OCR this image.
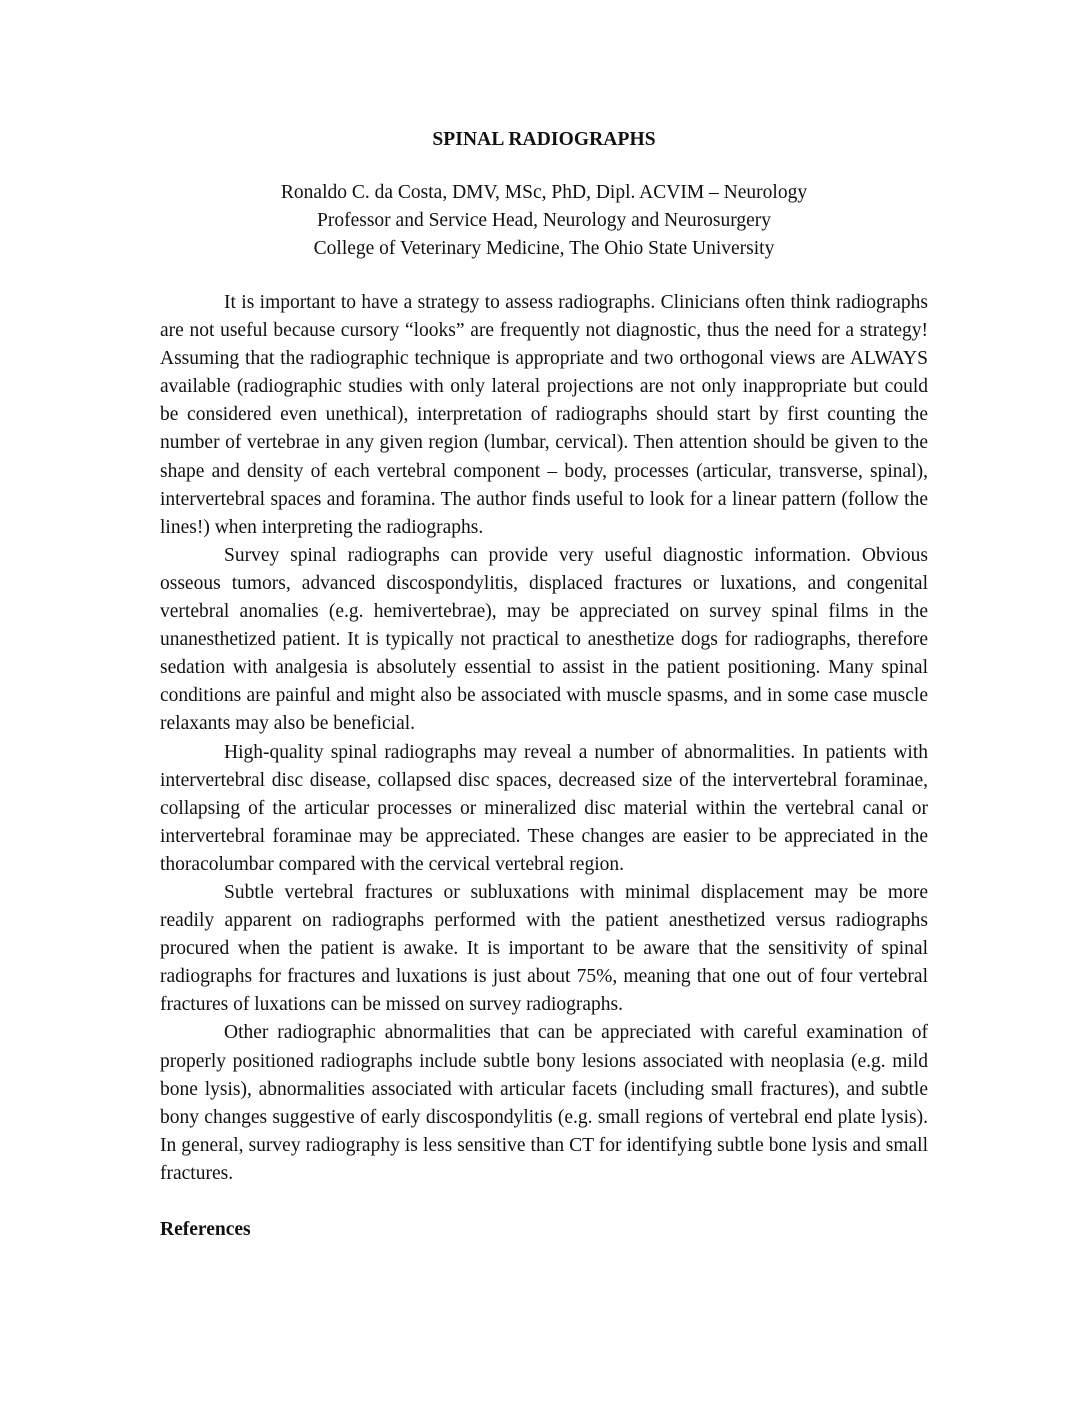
SPINAL RADIOGRAPHS
Ronaldo C. da Costa, DMV, MSc, PhD, Dipl. ACVIM – Neurology
Professor and Service Head, Neurology and Neurosurgery
College of Veterinary Medicine, The Ohio State University

It is important to have a strategy to assess radiographs. Clinicians often think radiographs are not useful because cursory “looks” are frequently not diagnostic, thus the need for a strategy! Assuming that the radiographic technique is appropriate and two orthogonal views are ALWAYS available (radiographic studies with only lateral projections are not only inappropriate but could be considered even unethical), interpretation of radiographs should start by first counting the number of vertebrae in any given region (lumbar, cervical). Then attention should be given to the shape and density of each vertebral component – body, processes (articular, transverse, spinal), intervertebral spaces and foramina. The author finds useful to look for a linear pattern (follow the lines!) when interpreting the radiographs.

Survey spinal radiographs can provide very useful diagnostic information. Obvious osseous tumors, advanced discospondylitis, displaced fractures or luxations, and congenital vertebral anomalies (e.g. hemivertebrae), may be appreciated on survey spinal films in the unanesthetized patient. It is typically not practical to anesthetize dogs for radiographs, therefore sedation with analgesia is absolutely essential to assist in the patient positioning. Many spinal conditions are painful and might also be associated with muscle spasms, and in some case muscle relaxants may also be beneficial.

High-quality spinal radiographs may reveal a number of abnormalities. In patients with intervertebral disc disease, collapsed disc spaces, decreased size of the intervertebral foraminae, collapsing of the articular processes or mineralized disc material within the vertebral canal or intervertebral foraminae may be appreciated. These changes are easier to be appreciated in the thoracolumbar compared with the cervical vertebral region.

Subtle vertebral fractures or subluxations with minimal displacement may be more readily apparent on radiographs performed with the patient anesthetized versus radiographs procured when the patient is awake. It is important to be aware that the sensitivity of spinal radiographs for fractures and luxations is just about 75%, meaning that one out of four vertebral fractures of luxations can be missed on survey radiographs.

Other radiographic abnormalities that can be appreciated with careful examination of properly positioned radiographs include subtle bony lesions associated with neoplasia (e.g. mild bone lysis), abnormalities associated with articular facets (including small fractures), and subtle bony changes suggestive of early discospondylitis (e.g. small regions of vertebral end plate lysis). In general, survey radiography is less sensitive than CT for identifying subtle bone lysis and small fractures.

References
